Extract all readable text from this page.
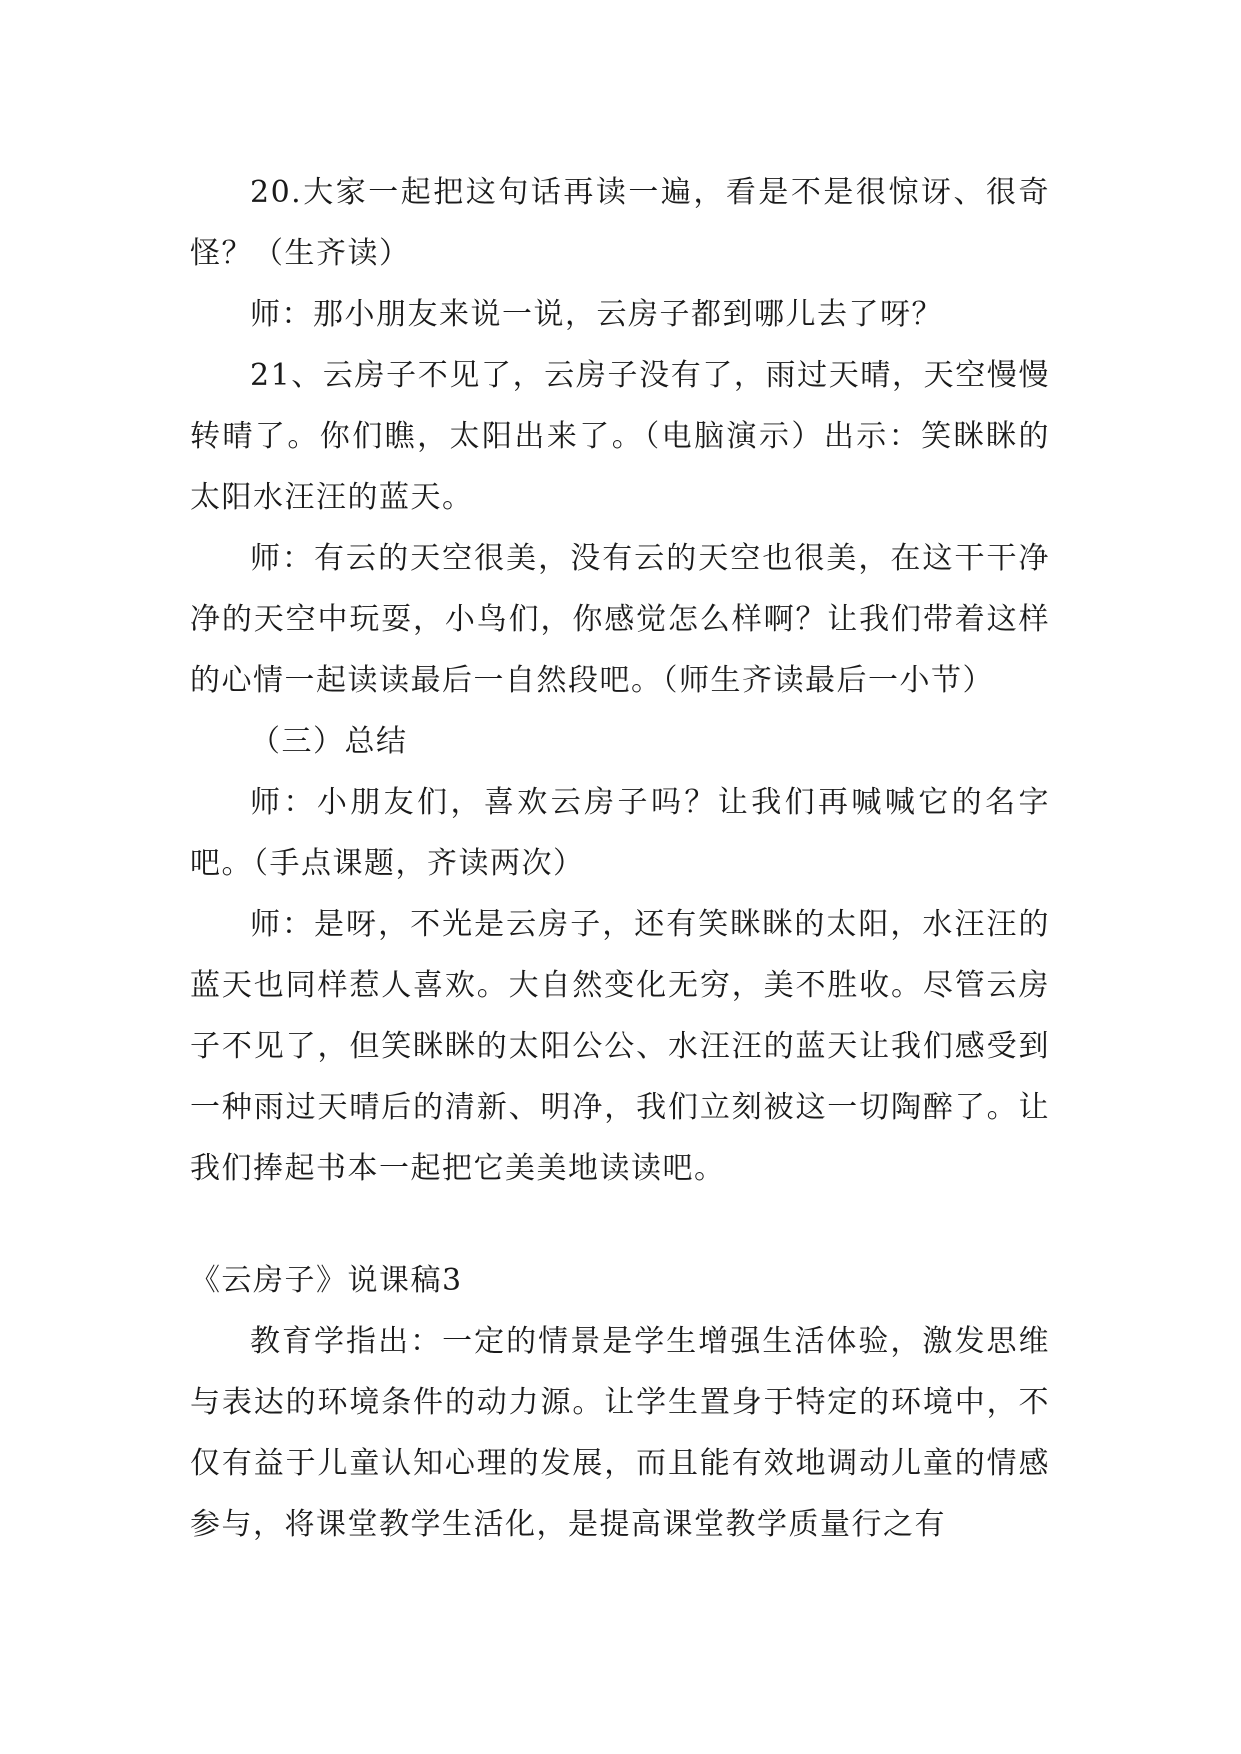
20.大家一起把这句话再读一遍，看是不是很惊讶、很奇怪？（生齐读）

师：那小朋友来说一说，云房子都到哪儿去了呀？

21、云房子不见了，云房子没有了，雨过天晴，天空慢慢转晴了。你们瞧，太阳出来了。（电脑演示）出示：笑眯眯的太阳水汪汪的蓝天。

师：有云的天空很美，没有云的天空也很美，在这干干净净的天空中玩耍，小鸟们，你感觉怎么样啊？让我们带着这样的心情一起读读最后一自然段吧。（师生齐读最后一小节）

（三）总结

师：小朋友们，喜欢云房子吗？让我们再喊喊它的名字吧。（手点课题，齐读两次）

师：是呀，不光是云房子，还有笑眯眯的太阳，水汪汪的蓝天也同样惹人喜欢。大自然变化无穷，美不胜收。尽管云房子不见了，但笑眯眯的太阳公公、水汪汪的蓝天让我们感受到一种雨过天晴后的清新、明净，我们立刻被这一切陶醉了。让我们捧起书本一起把它美美地读读吧。

《云房子》说课稿3

教育学指出：一定的情景是学生增强生活体验，激发思维与表达的环境条件的动力源。让学生置身于特定的环境中，不仅有益于儿童认知心理的发展，而且能有效地调动儿童的情感参与，将课堂教学生活化，是提高课堂教学质量行之有
